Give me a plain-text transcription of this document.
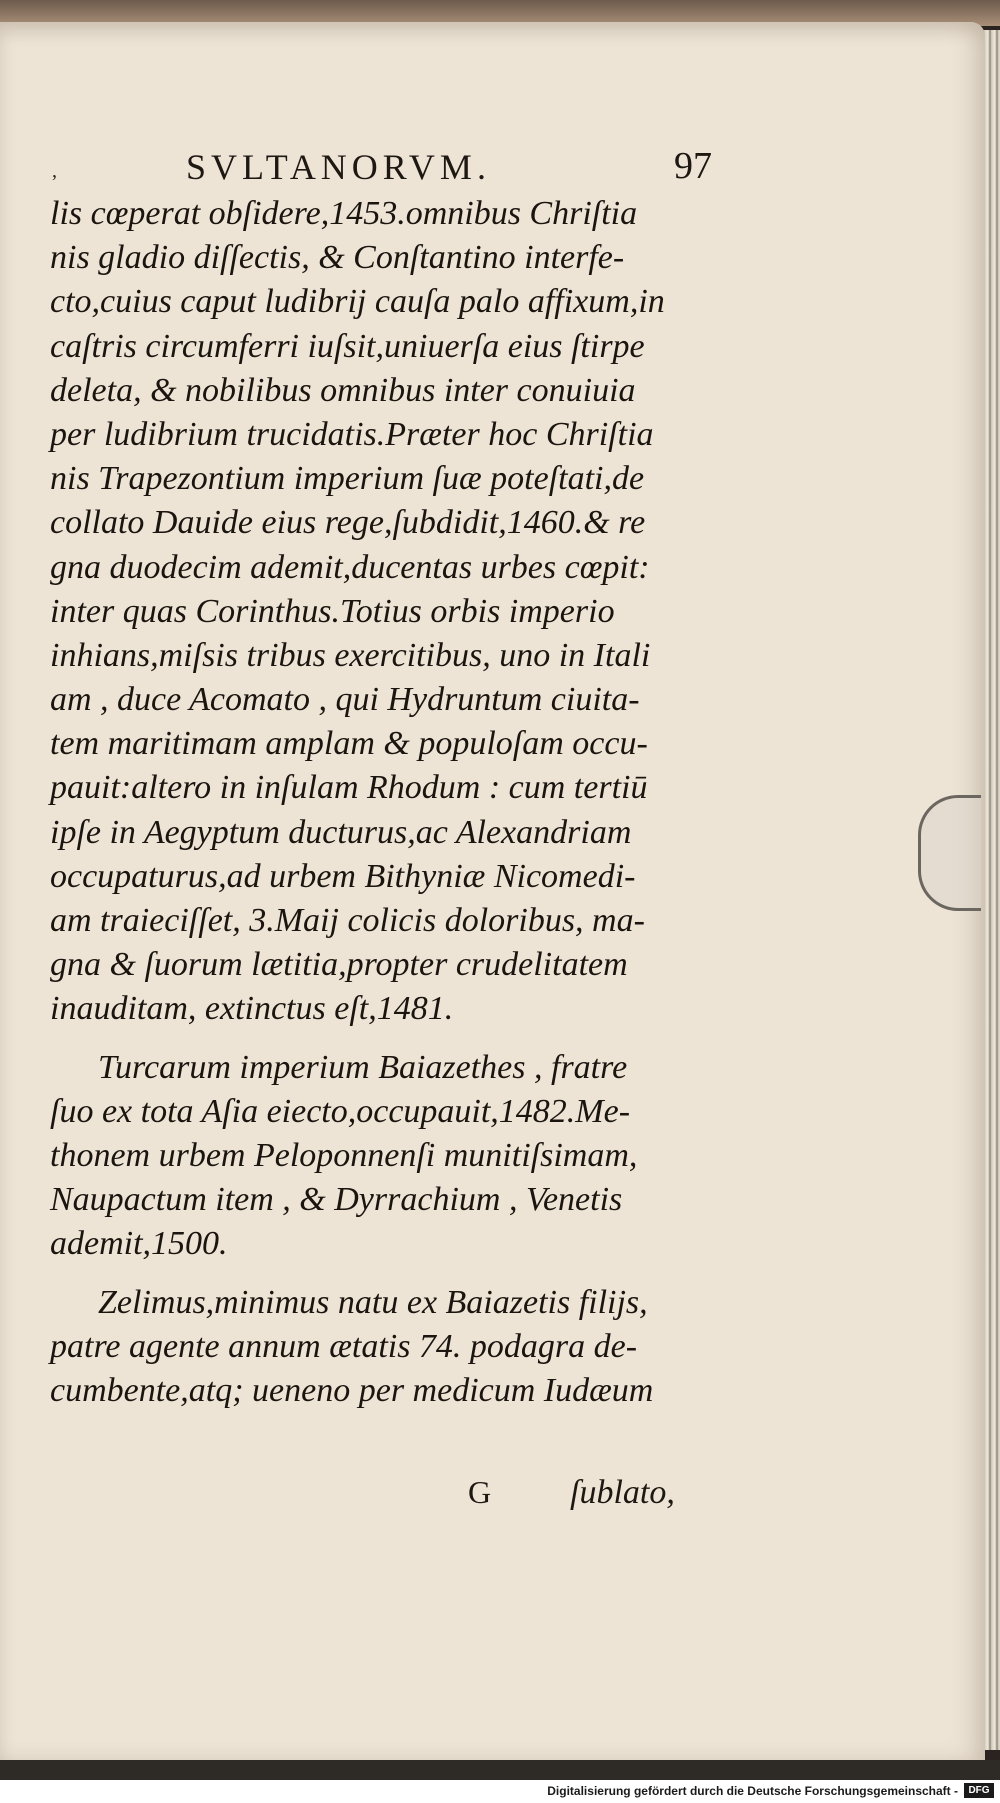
,	SVLTANORVM.	97
lis cœperat obſidere,1453.omnibus Chriſtia
nis gladio diſſectis, & Conſtantino interfe-
cto,cuius caput ludibrij cauſa palo affixum,in
caſtris circumferri iuſsit,uniuerſa eius ſtirpe
deleta, & nobilibus omnibus inter conuiuia
per ludibrium trucidatis.Præter hoc Chriſtia
nis Trapezontium imperium ſuæ poteſtati,de
collato Dauide eius rege,ſubdidit,1460.& re
gna duodecim ademit,ducentas urbes cœpit:
inter quas Corinthus.Totius orbis imperio
inhians,miſsis tribus exercitibus, uno in Itali
am , duce Acomato , qui Hydruntum ciuita-
tem maritimam amplam & populoſam occu-
pauit:altero in inſulam Rhodum : cum tertiū
ipſe in Aegyptum ducturus,ac Alexandriam
occupaturus,ad urbem Bithyniæ Nicomedi-
am traieciſſet, 3.Maij colicis doloribus, ma-
gna & ſuorum lætitia,propter crudelitatem
inauditam, extinctus eſt,1481.
Turcarum imperium Baiazethes , fratre
ſuo ex tota Aſia eiecto,occupauit,1482.Me-
thonem urbem Peloponnenſi munitiſsimam,
Naupactum item , & Dyrrachium , Venetis
ademit,1500.
Zelimus,minimus natu ex Baiazetis filijs,
patre agente annum ætatis 74. podagra de-
cumbente,atq; ueneno per medicum Iudæum
G ſublato,
Digitalisierung gefördert durch die Deutsche Forschungsgemeinschaft -	DFG
